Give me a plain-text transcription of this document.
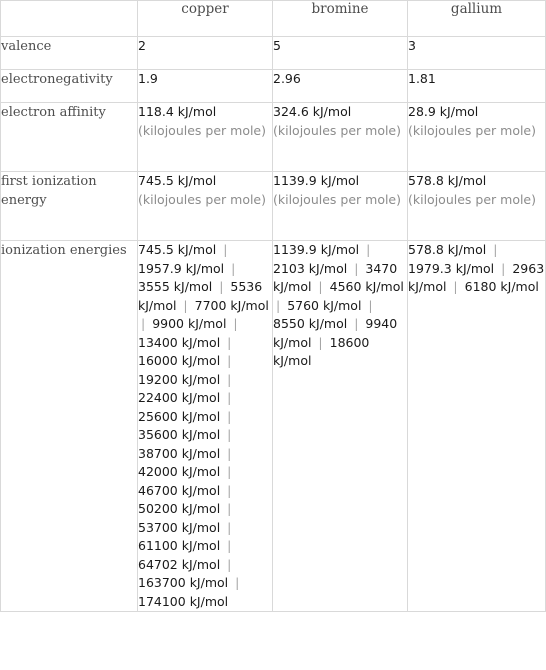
	copper	bromine	gallium
valence	2	5	3
electronegativity	1.9	2.96	1.81
electron affinity	118.4 kJ/mol (kilojoules per mole)	324.6 kJ/mol (kilojoules per mole)	28.9 kJ/mol (kilojoules per mole)
first ionization energy	745.5 kJ/mol (kilojoules per mole)	1139.9 kJ/mol (kilojoules per mole)	578.8 kJ/mol (kilojoules per mole)
ionization energies	745.5 kJ/mol | 1957.9 kJ/mol | 3555 kJ/mol | 5536 kJ/mol | 7700 kJ/mol | 9900 kJ/mol | 13400 kJ/mol | 16000 kJ/mol | 19200 kJ/mol | 22400 kJ/mol | 25600 kJ/mol | 35600 kJ/mol | 38700 kJ/mol | 42000 kJ/mol | 46700 kJ/mol | 50200 kJ/mol | 53700 kJ/mol | 61100 kJ/mol | 64702 kJ/mol | 163700 kJ/mol | 174100 kJ/mol	1139.9 kJ/mol | 2103 kJ/mol | 3470 kJ/mol | 4560 kJ/mol | 5760 kJ/mol | 8550 kJ/mol | 9940 kJ/mol | 18600 kJ/mol	578.8 kJ/mol | 1979.3 kJ/mol | 2963 kJ/mol | 6180 kJ/mol
